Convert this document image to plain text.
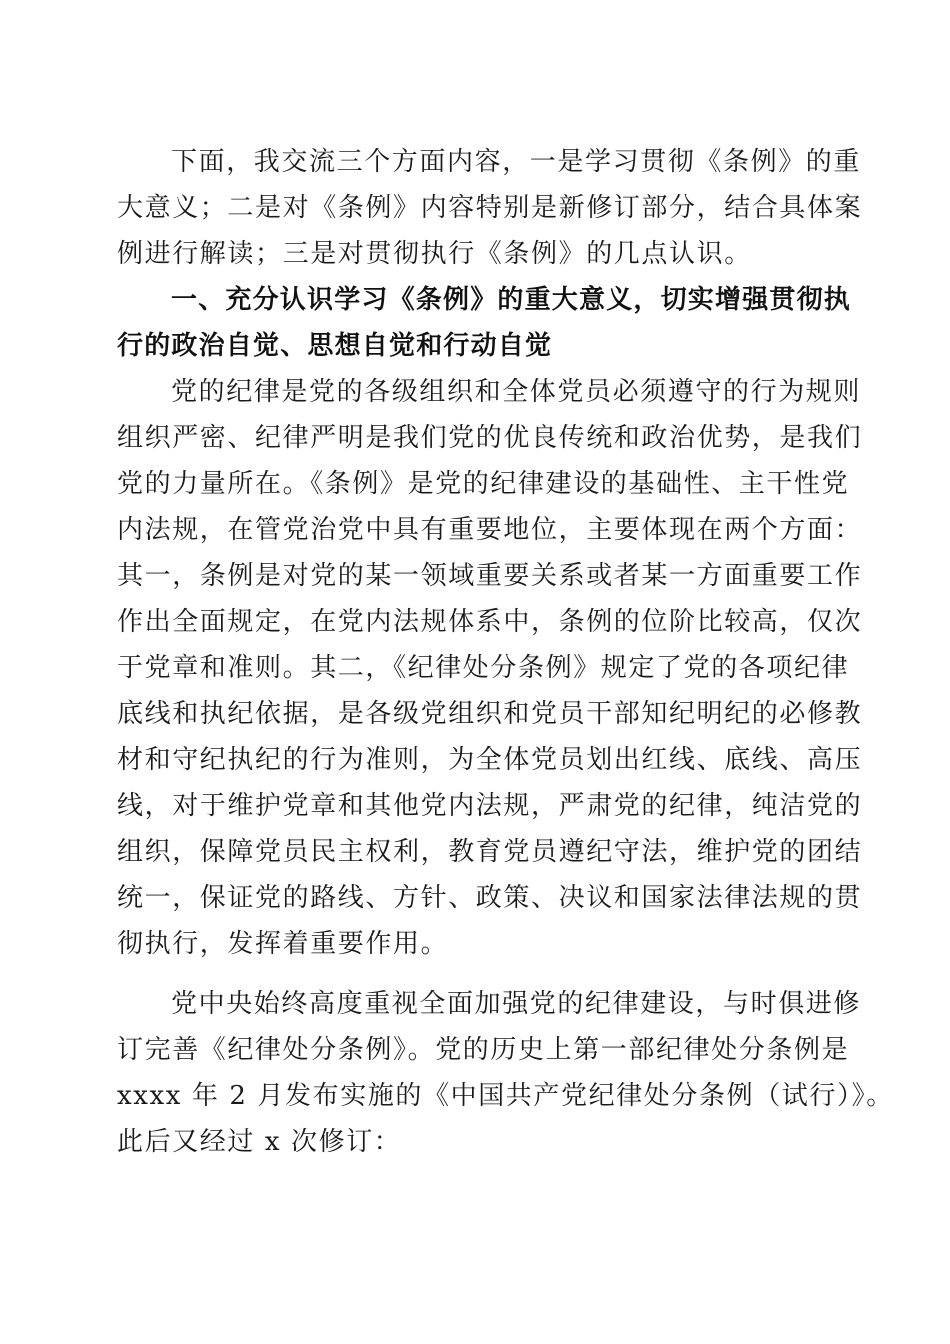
下面，我交流三个方面内容，一是学习贯彻《条例》的重
大意义；二是对《条例》内容特别是新修订部分，结合具体案
例进行解读；三是对贯彻执行《条例》的几点认识。
一、充分认识学习《条例》的重大意义，切实增强贯彻执
行的政治自觉、思想自觉和行动自觉
党的纪律是党的各级组织和全体党员必须遵守的行为规则
组织严密、纪律严明是我们党的优良传统和政治优势，是我们
党的力量所在。《条例》是党的纪律建设的基础性、主干性党
内法规，在管党治党中具有重要地位，主要体现在两个方面：
其一，条例是对党的某一领域重要关系或者某一方面重要工作
作出全面规定，在党内法规体系中，条例的位阶比较高，仅次
于党章和准则。其二，《纪律处分条例》规定了党的各项纪律
底线和执纪依据，是各级党组织和党员干部知纪明纪的必修教
材和守纪执纪的行为准则，为全体党员划出红线、底线、高压
线，对于维护党章和其他党内法规，严肃党的纪律，纯洁党的
组织，保障党员民主权利，教育党员遵纪守法，维护党的团结
统一，保证党的路线、方针、政策、决议和国家法律法规的贯
彻执行，发挥着重要作用。
党中央始终高度重视全面加强党的纪律建设，与时俱进修
订完善《纪律处分条例》。党的历史上第一部纪律处分条例是
xxxx 年 2 月发布实施的《中国共产党纪律处分条例（试行）》。
此后又经过 x 次修订：
